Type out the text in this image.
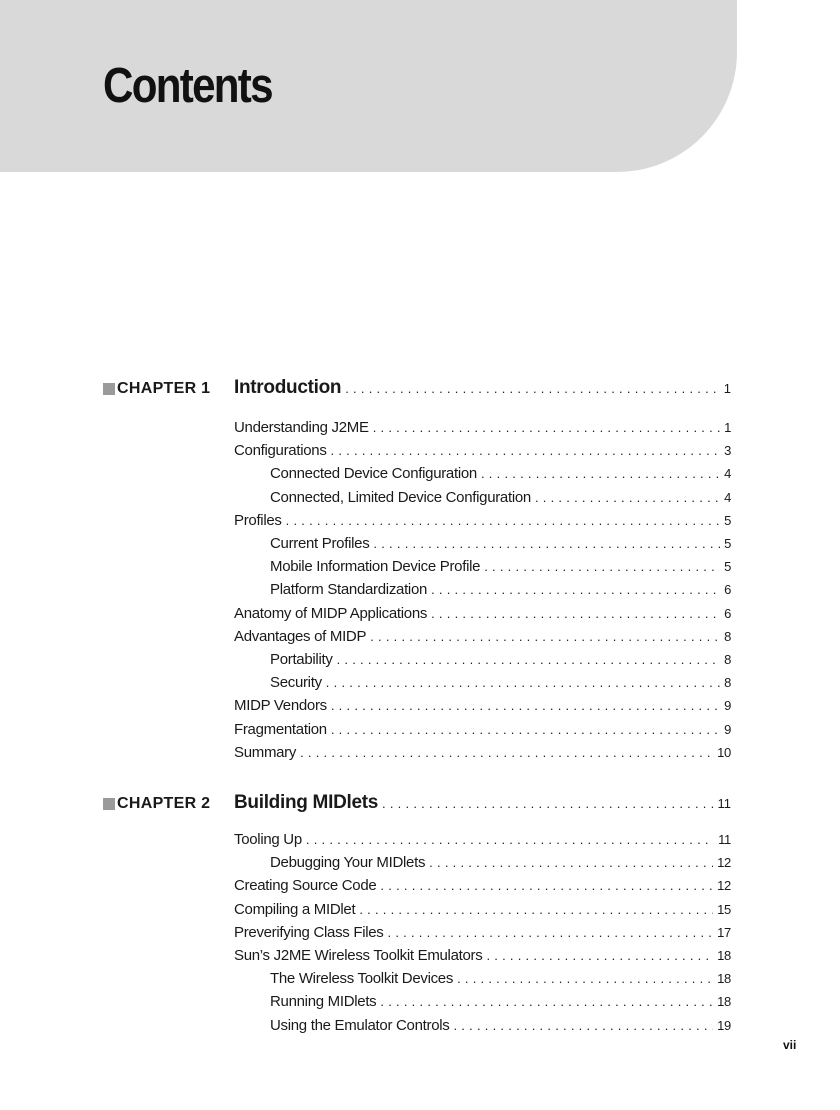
Contents
CHAPTER 1 Introduction . . .	1
Understanding J2ME . . .	1
Configurations . . .	3
Connected Device Configuration . . .	4
Connected, Limited Device Configuration . . .	4
Profiles . . .	5
Current Profiles . . .	5
Mobile Information Device Profile . . .	5
Platform Standardization . . .	6
Anatomy of MIDP Applications . . .	6
Advantages of MIDP . . .	8
Portability . . .	8
Security . . .	8
MIDP Vendors . . .	9
Fragmentation . . .	9
Summary . . .	10
CHAPTER 2 Building MIDlets . . .	11
Tooling Up . . .	11
Debugging Your MIDlets . . .	12
Creating Source Code . . .	12
Compiling a MIDlet . . .	15
Preverifying Class Files . . .	17
Sun’s J2ME Wireless Toolkit Emulators . . .	18
The Wireless Toolkit Devices . . .	18
Running MIDlets . . .	18
Using the Emulator Controls . . .	19
vii
